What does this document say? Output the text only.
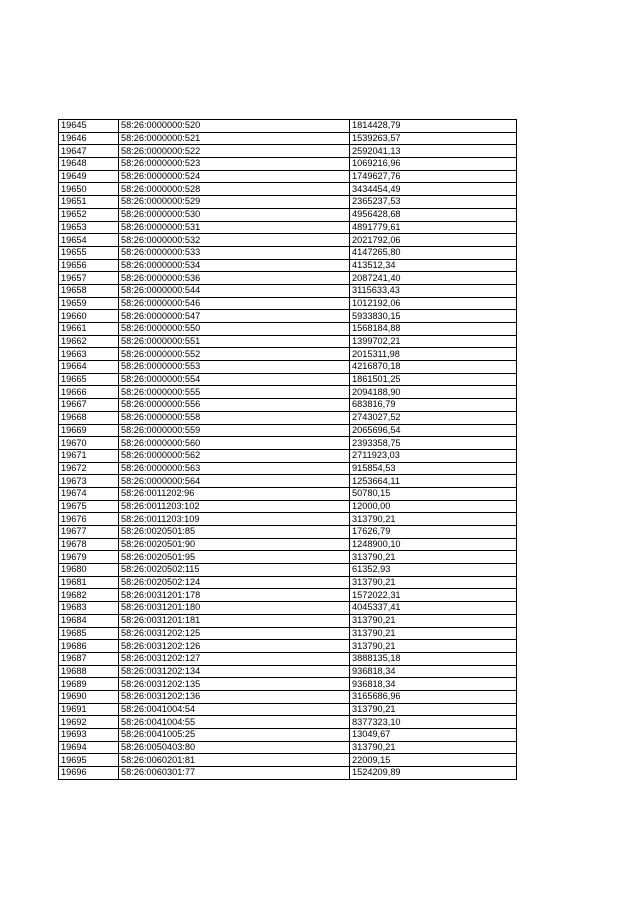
19645	58:26:0000000:520	1814428,79
19646	58:26:0000000:521	1539263,57
19647	58:26:0000000:522	2592041,13
19648	58:26:0000000:523	1069216,96
19649	58:26:0000000:524	1749627,76
19650	58:26:0000000:528	3434454,49
19651	58:26:0000000:529	2365237,53
19652	58:26:0000000:530	4956428,68
19653	58:26:0000000:531	4891779,61
19654	58:26:0000000:532	2021792,06
19655	58:26:0000000:533	4147265,80
19656	58:26:0000000:534	413512,34
19657	58:26:0000000:536	2087241,40
19658	58:26:0000000:544	3115633,43
19659	58:26:0000000:546	1012192,06
19660	58:26:0000000:547	5933830,15
19661	58:26:0000000:550	1568184,88
19662	58:26:0000000:551	1399702,21
19663	58:26:0000000:552	2015311,98
19664	58:26:0000000:553	4216870,18
19665	58:26:0000000:554	1861501,25
19666	58:26:0000000:555	2094188,90
19667	58:26:0000000:556	683816,79
19668	58:26:0000000:558	2743027,52
19669	58:26:0000000:559	2065696,54
19670	58:26:0000000:560	2393358,75
19671	58:26:0000000:562	2711923,03
19672	58:26:0000000:563	915854,53
19673	58:26:0000000:564	1253664,11
19674	58:26:0011202:96	50780,15
19675	58:26:0011203:102	12000,00
19676	58:26:0011203:109	313790,21
19677	58:26:0020501:85	17626,79
19678	58:26:0020501:90	1248900,10
19679	58:26:0020501:95	313790,21
19680	58:26:0020502:115	61352,93
19681	58:26:0020502:124	313790,21
19682	58:26:0031201:178	1572022,31
19683	58:26:0031201:180	4045337,41
19684	58:26:0031201:181	313790,21
19685	58:26:0031202:125	313790,21
19686	58:26:0031202:126	313790,21
19687	58:26:0031202:127	3888135,18
19688	58:26:0031202:134	936818,34
19689	58:26:0031202:135	936818,34
19690	58:26:0031202:136	3165686,96
19691	58:26:0041004:54	313790,21
19692	58:26:0041004:55	8377323,10
19693	58:26:0041005:25	13049,67
19694	58:26:0050403:80	313790,21
19695	58:26:0060201:81	22009,15
19696	58:26:0060301:77	1524209,89
